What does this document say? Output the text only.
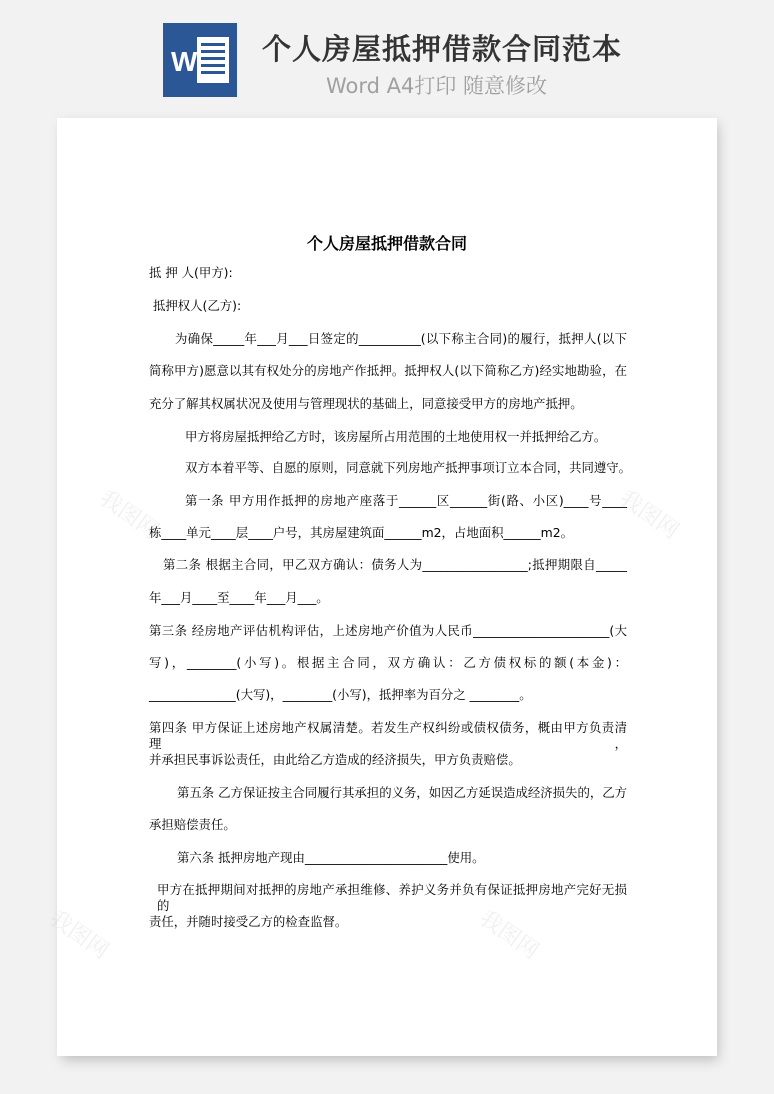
W 个人房屋抵押借款合同范本
Word A4打印 随意修改
我图网	我图网
我图网	我图网
个人房屋抵押借款合同
抵 押 人(甲方):
抵押权人(乙方):
为确保_____年___月___日签定的__________(以下称主合同)的履行，抵押人(以下
简称甲方)愿意以其有权处分的房地产作抵押。抵押权人(以下简称乙方)经实地勘验，在
充分了解其权属状况及使用与管理现状的基础上，同意接受甲方的房地产抵押。
甲方将房屋抵押给乙方时，该房屋所占用范围的土地使用权一并抵押给乙方。
双方本着平等、自愿的原则，同意就下列房地产抵押事项订立本合同，共同遵守。
第一条 甲方用作抵押的房地产座落于______区______街(路、小区)____号____
栋____单元____层____户号，其房屋建筑面______m2，占地面积______m2。
第二条 根据主合同，甲乙双方确认：债务人为_________________;抵押期限自_____
年___月____至____年___月___。
第三条 经房地产评估机构评估，上述房地产价值为人民币______________________(大
写)，________(小写)。根据主合同，双方确认：乙方债权标的额(本金)：
______________(大写)，________(小写)，抵押率为百分之 ________。
第四条 甲方保证上述房地产权属清楚。若发生产权纠纷或债权债务，概由甲方负责清理，
并承担民事诉讼责任，由此给乙方造成的经济损失，甲方负责赔偿。
第五条 乙方保证按主合同履行其承担的义务，如因乙方延误造成经济损失的，乙方
承担赔偿责任。
第六条 抵押房地产现由_______________________使用。
甲方在抵押期间对抵押的房地产承担维修、养护义务并负有保证抵押房地产完好无损的
责任，并随时接受乙方的检查监督。
